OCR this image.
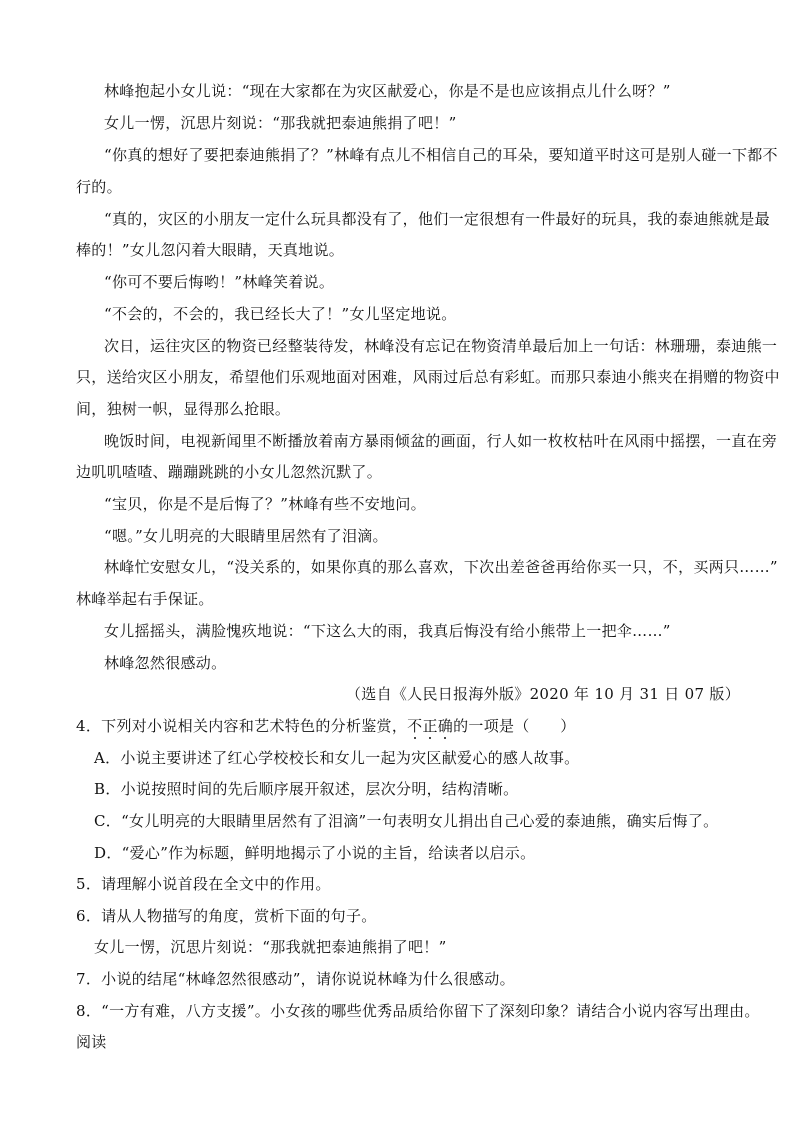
林峰抱起小女儿说：“现在大家都在为灾区献爱心，你是不是也应该捐点儿什么呀？”
女儿一愣，沉思片刻说：“那我就把泰迪熊捐了吧！”
“你真的想好了要把泰迪熊捐了？”林峰有点儿不相信自己的耳朵，要知道平时这可是别人碰一下都不
行的。
“真的，灾区的小朋友一定什么玩具都没有了，他们一定很想有一件最好的玩具，我的泰迪熊就是最
棒的！”女儿忽闪着大眼睛，天真地说。
“你可不要后悔哟！”林峰笑着说。
“不会的，不会的，我已经长大了！”女儿坚定地说。
次日，运往灾区的物资已经整装待发，林峰没有忘记在物资清单最后加上一句话：林珊珊，泰迪熊一
只，送给灾区小朋友，希望他们乐观地面对困难，风雨过后总有彩虹。而那只泰迪小熊夹在捐赠的物资中
间，独树一帜，显得那么抢眼。
晚饭时间，电视新闻里不断播放着南方暴雨倾盆的画面，行人如一枚枚枯叶在风雨中摇摆，一直在旁
边叽叽喳喳、蹦蹦跳跳的小女儿忽然沉默了。
“宝贝，你是不是后悔了？”林峰有些不安地问。
“嗯。”女儿明亮的大眼睛里居然有了泪滴。
林峰忙安慰女儿，“没关系的，如果你真的那么喜欢，下次出差爸爸再给你买一只，不，买两只……”
林峰举起右手保证。
女儿摇摇头，满脸愧疚地说：“下这么大的雨，我真后悔没有给小熊带上一把伞……”
林峰忽然很感动。
（选自《人民日报海外版》2020 年 10 月 31 日 07 版）
4．下列对小说相关内容和艺术特色的分析鉴赏，不正确的一项是（　　）
A．小说主要讲述了红心学校校长和女儿一起为灾区献爱心的感人故事。
B．小说按照时间的先后顺序展开叙述，层次分明，结构清晰。
C．“女儿明亮的大眼睛里居然有了泪滴”一句表明女儿捐出自己心爱的泰迪熊，确实后悔了。
D．“爱心”作为标题，鲜明地揭示了小说的主旨，给读者以启示。
5．请理解小说首段在全文中的作用。
6．请从人物描写的角度，赏析下面的句子。
女儿一愣，沉思片刻说：“那我就把泰迪熊捐了吧！”
7．小说的结尾“林峰忽然很感动”，请你说说林峰为什么很感动。
8．“一方有难，八方支援”。小女孩的哪些优秀品质给你留下了深刻印象？请结合小说内容写出理由。
阅读
